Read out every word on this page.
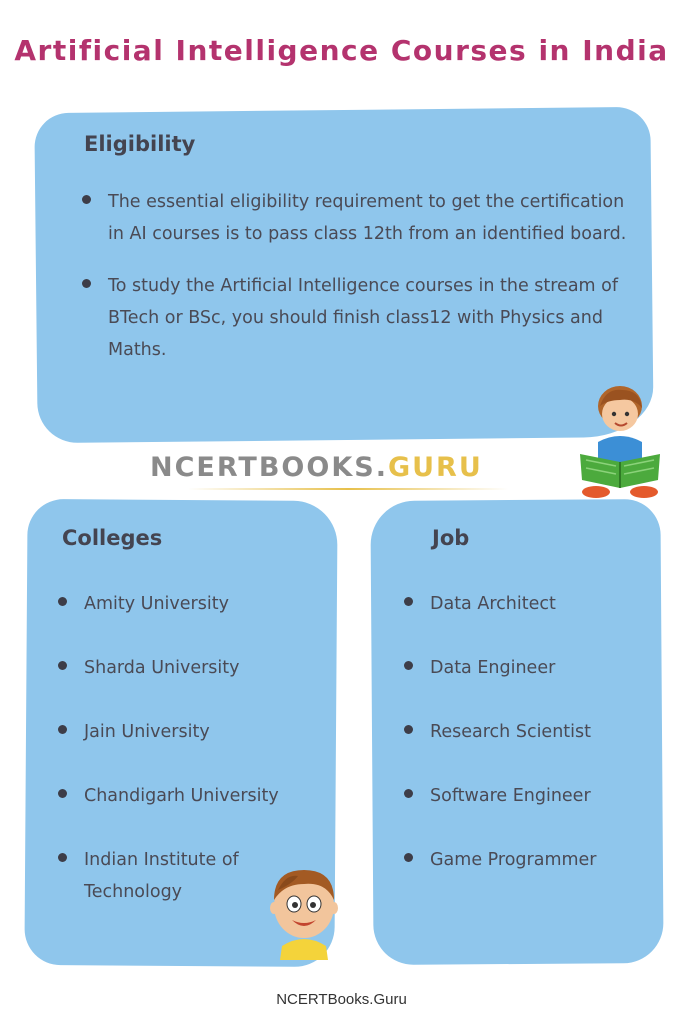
Artificial Intelligence Courses in India
Eligibility
The essential eligibility requirement to get the certification in AI courses is to pass class 12th from an identified board.
To study the Artificial Intelligence courses in the stream of BTech or BSc, you should finish class12 with Physics and Maths.
NCERTBOOKS.GURU
Colleges
Amity University
Sharda University
Jain University
Chandigarh University
Indian Institute of Technology
Job
Data Architect
Data Engineer
Research Scientist
Software Engineer
Game Programmer
NCERTBooks.Guru
